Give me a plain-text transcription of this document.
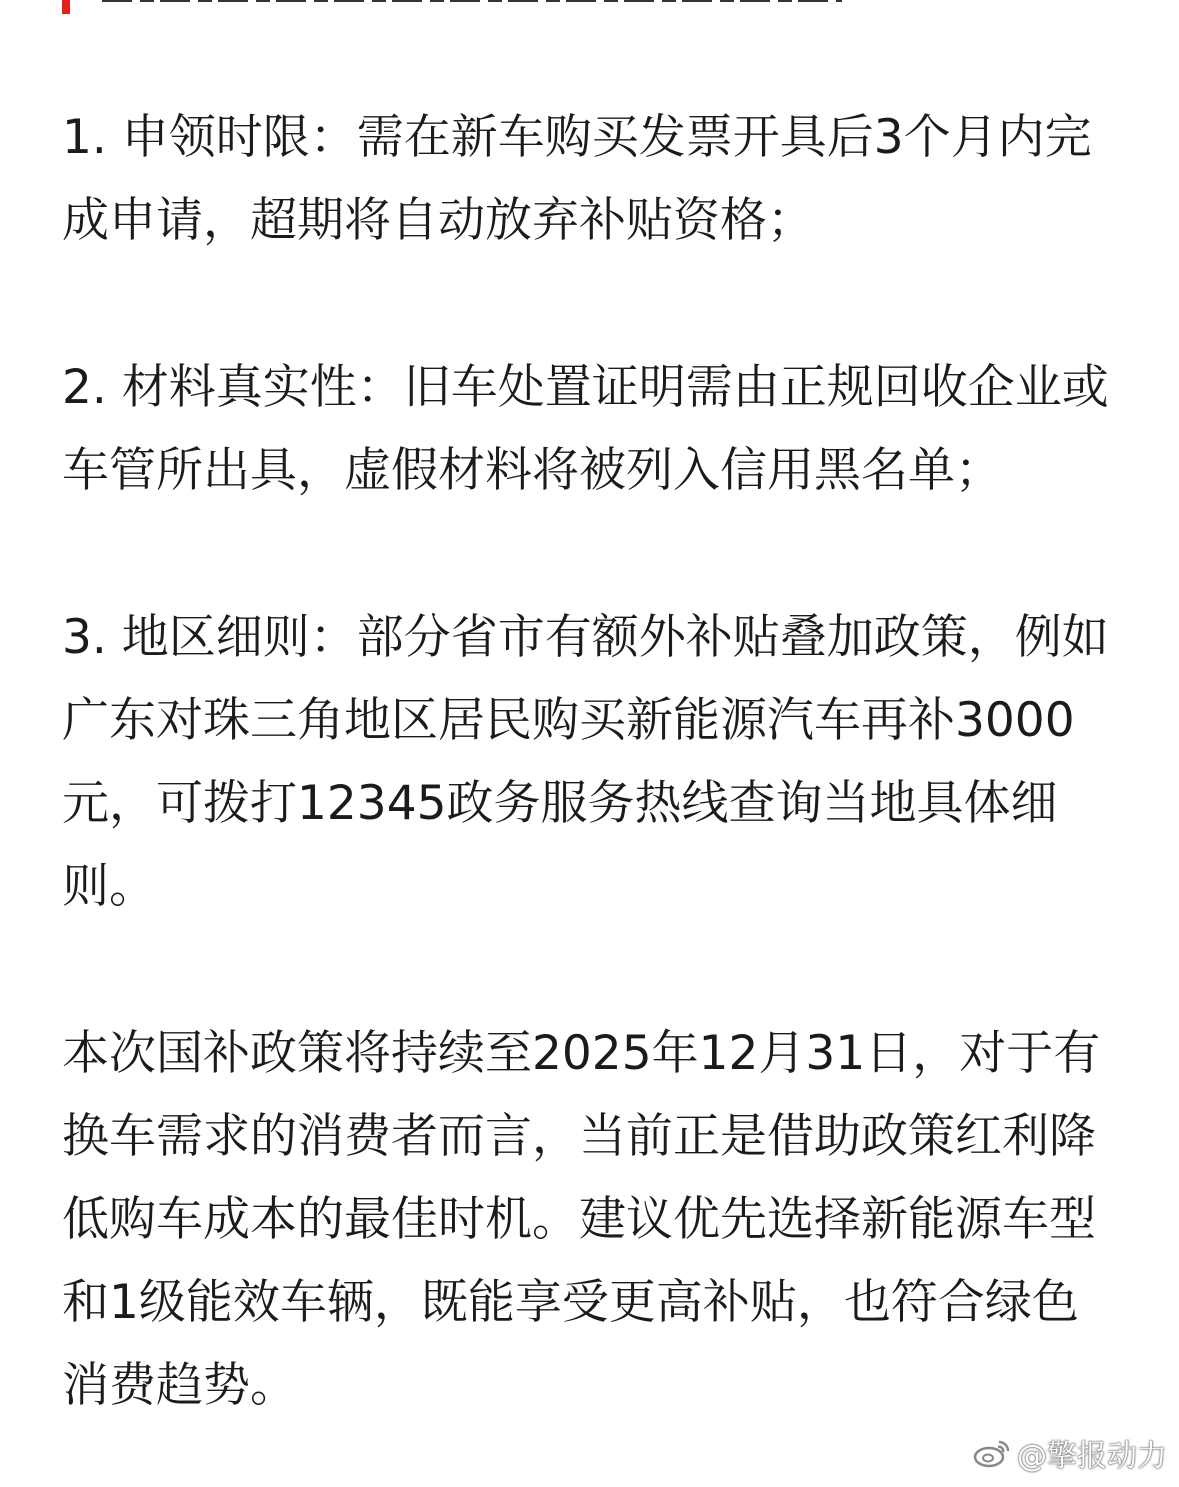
1. 申领时限：需在新车购买发票开具后3个月内完成申请，超期将自动放弃补贴资格；

2. 材料真实性：旧车处置证明需由正规回收企业或车管所出具，虚假材料将被列入信用黑名单；

3. 地区细则：部分省市有额外补贴叠加政策，例如广东对珠三角地区居民购买新能源汽车再补3000元，可拨打12345政务服务热线查询当地具体细则。

本次国补政策将持续至2025年12月31日，对于有换车需求的消费者而言，当前正是借助政策红利降低购车成本的最佳时机。建议优先选择新能源车型和1级能效车辆，既能享受更高补贴，也符合绿色消费趋势。

@擎报动力
